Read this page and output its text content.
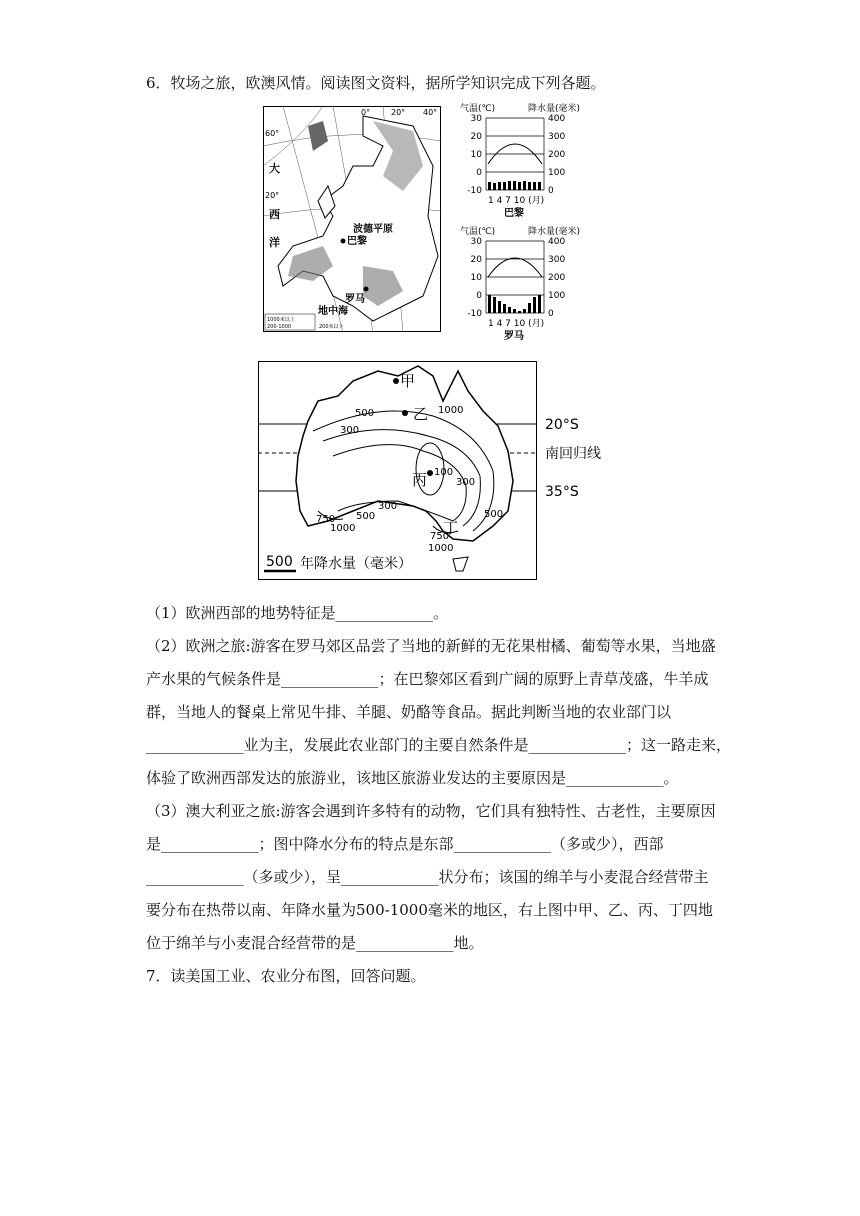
6．牧场之旅，欧澳风情。阅读图文资料，据所学知识完成下列各题。
大
西
洋
60°
20°
0°	20° 40°
巴黎
波德平原
罗马
地中海
1000米以上
200-1000	200米以下
气温(℃)	降水量(毫米)
30
20
10
0
-10
400
300
200
100
0
1 4 7 10 (月)
巴黎
气温(℃)	降水量(毫米)
30
20
10
0
-10
400
300
200
100
0
1 4 7 10 (月)
罗马
甲
乙
丙
丁
500	1000
300
100
300
750
1000
300
500	500
750
1000
500 年降水量（毫米）
20°S
南回归线
35°S
（1）欧洲西部的地势特征是_____________。
（2）欧洲之旅:游客在罗马郊区品尝了当地的新鲜的无花果柑橘、葡萄等水果，当地盛
产水果的气候条件是_____________；在巴黎郊区看到广阔的原野上青草茂盛，牛羊成
群，当地人的餐桌上常见牛排、羊腿、奶酪等食品。据此判断当地的农业部门以
_____________业为主，发展此农业部门的主要自然条件是_____________；这一路走来，
体验了欧洲西部发达的旅游业，该地区旅游业发达的主要原因是_____________。
（3）澳大利亚之旅:游客会遇到许多特有的动物，它们具有独特性、古老性，主要原因
是_____________；图中降水分布的特点是东部_____________（多或少），西部
_____________（多或少），呈_____________状分布；该国的绵羊与小麦混合经营带主
要分布在热带以南、年降水量为500-1000毫米的地区，右上图中甲、乙、丙、丁四地
位于绵羊与小麦混合经营带的是_____________地。
7．读美国工业、农业分布图，回答问题。
